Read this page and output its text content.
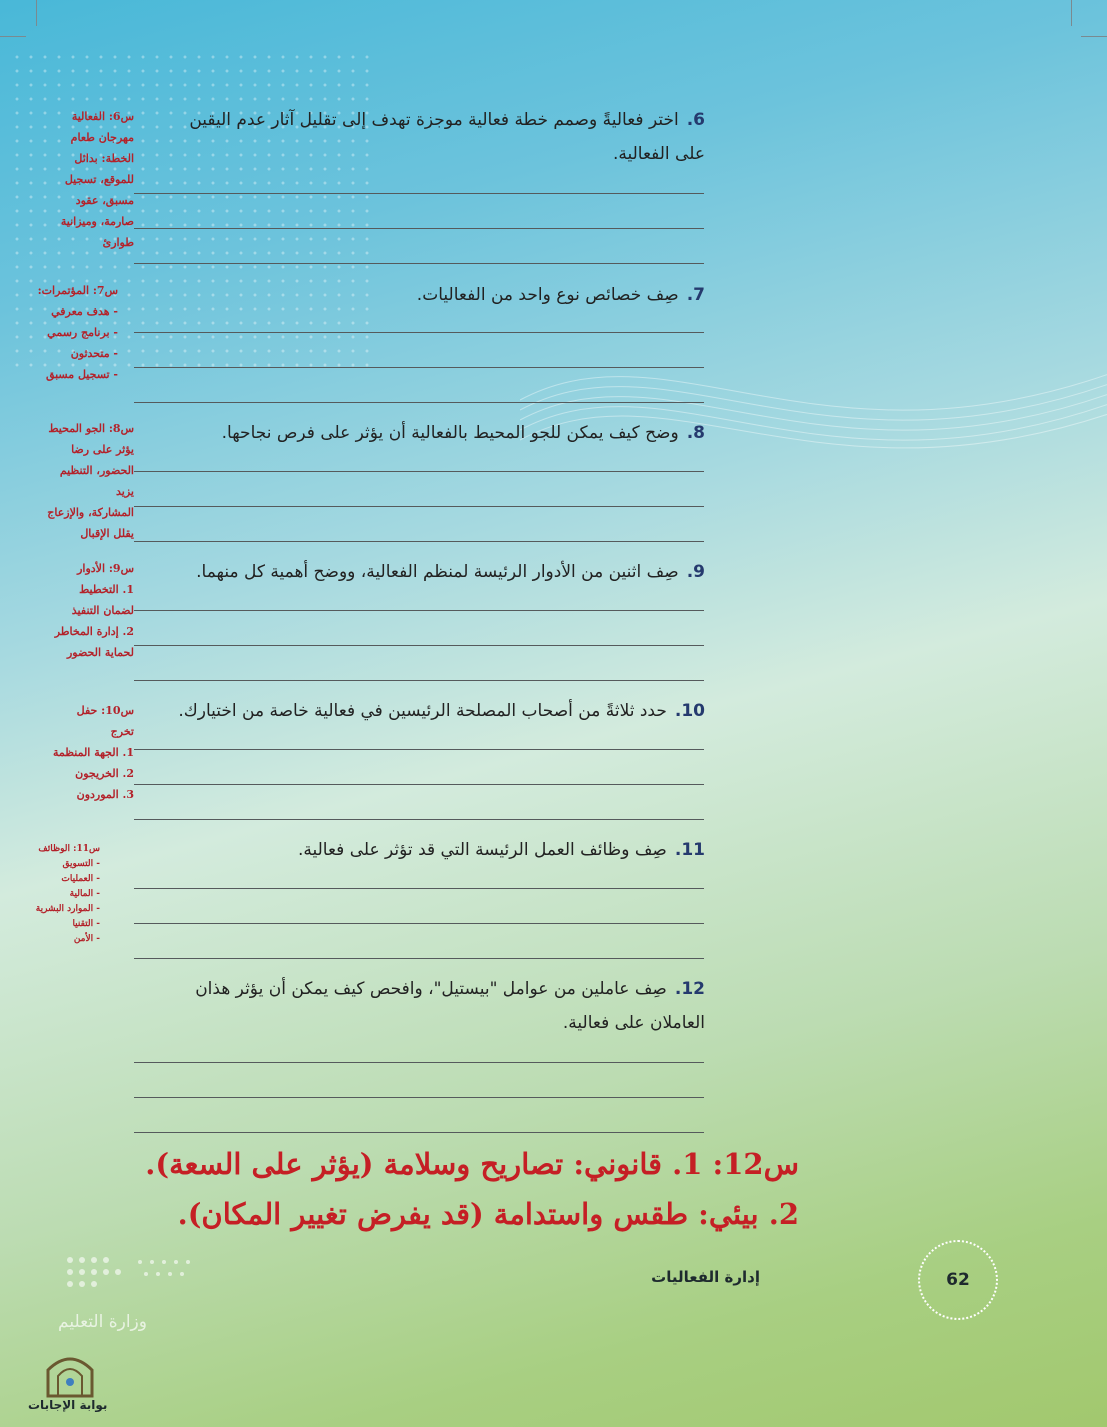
6.اختر فعاليةً وصمم خطة فعالية موجزة تهدف إلى تقليل آثار عدم اليقين
على الفعالية.
7.صِف خصائص نوع واحد من الفعاليات.
8.وضح كيف يمكن للجو المحيط بالفعالية أن يؤثر على فرص نجاحها.
9.صِف اثنين من الأدوار الرئيسة لمنظم الفعالية، ووضح أهمية كل منهما.
10.حدد ثلاثةً من أصحاب المصلحة الرئيسين في فعالية خاصة من اختيارك.
11.صِف وظائف العمل الرئيسة التي قد تؤثر على فعالية.
12.صِف عاملين من عوامل "بيستيل"، وافحص كيف يمكن أن يؤثر هذان
العاملان على فعالية.
س6: الفعالية
مهرجان طعام
الخطة: بدائل
للموقع، تسجيل
مسبق، عقود
صارمة، وميزانية
طوارئ
س7: المؤتمرات:
- هدف معرفي
- برنامج رسمي
- متحدثون
- تسجيل مسبق
س8: الجو المحيط
يؤثر على رضا
الحضور، التنظيم يزيد
المشاركة، والإزعاج
يقلل الإقبال
س9: الأدوار
1. التخطيط
لضمان التنفيذ
2. إدارة المخاطر
لحماية الحضور
س10: حفل
تخرج
1. الجهة المنظمة
2. الخريجون
3. الموردون
س11: الوظائف
- التسويق
- العمليات
- المالية
- الموارد البشرية
- التقنيا
- الأمن
س12: 1. قانوني: تصاريح وسلامة (يؤثر على السعة).
2. بيئي: طقس واستدامة (قد يفرض تغيير المكان).
إدارة الفعاليات	62
وزارة التعليم
بوابة الإجابات
